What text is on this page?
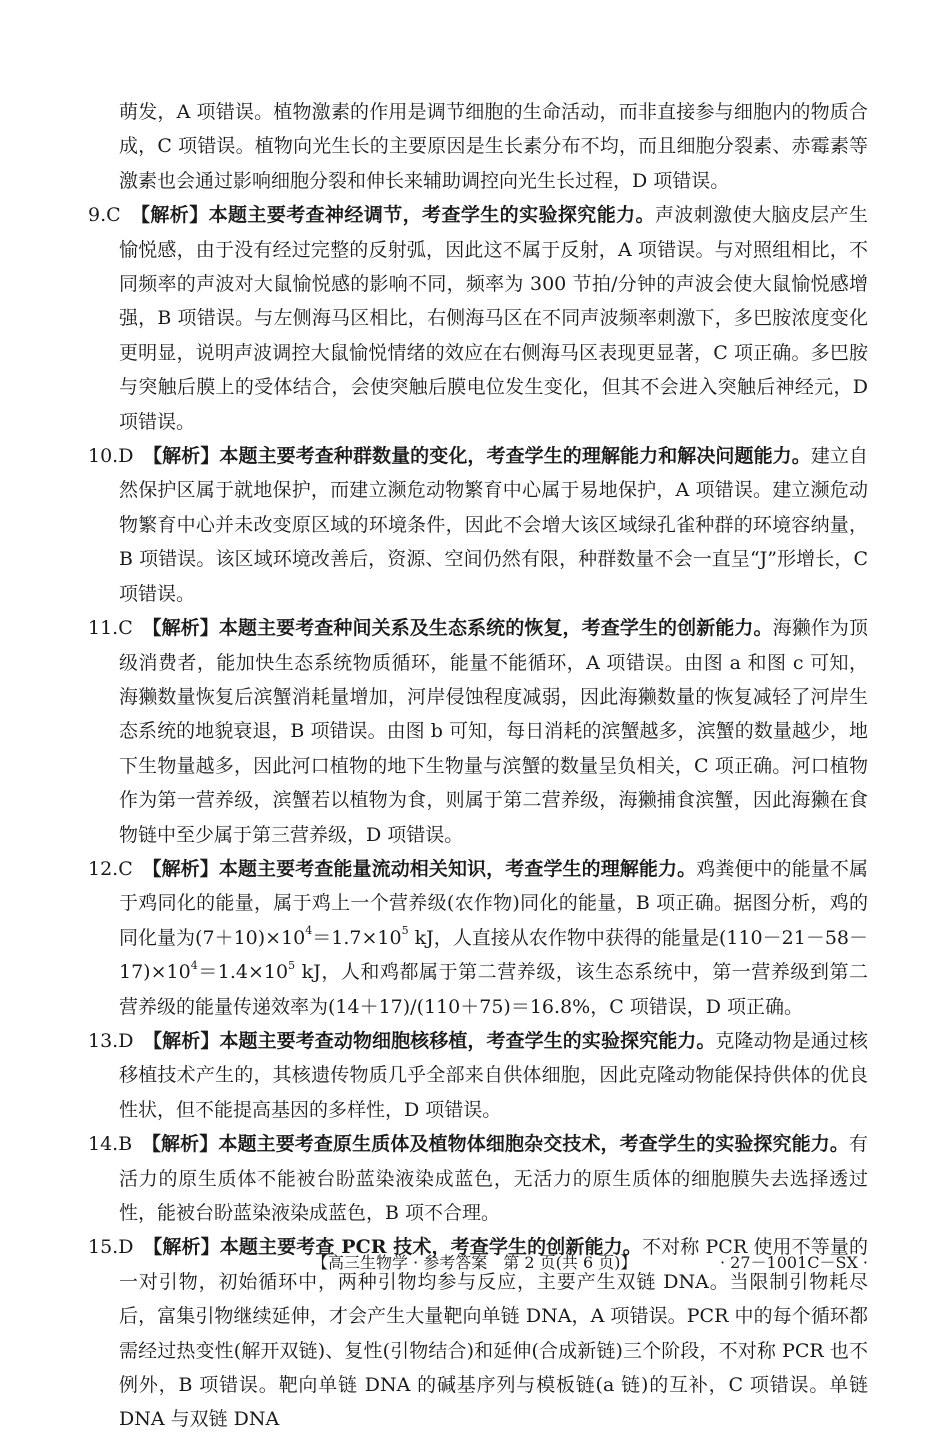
萌发，A 项错误。植物激素的作用是调节细胞的生命活动，而非直接参与细胞内的物质合成，C 项错误。植物向光生长的主要原因是生长素分布不均，而且细胞分裂素、赤霉素等激素也会通过影响细胞分裂和伸长来辅助调控向光生长过程，D 项错误。

9.C　 【解析】本题主要考查神经调节，考查学生的实验探究能力。声波刺激使大脑皮层产生愉悦感，由于没有经过完整的反射弧，因此这不属于反射，A 项错误。与对照组相比，不同频率的声波对大鼠愉悦感的影响不同，频率为 300 节拍/分钟的声波会使大鼠愉悦感增强，B 项错误。与左侧海马区相比，右侧海马区在不同声波频率刺激下，多巴胺浓度变化更明显，说明声波调控大鼠愉悦情绪的效应在右侧海马区表现更显著，C 项正确。多巴胺与突触后膜上的受体结合，会使突触后膜电位发生变化，但其不会进入突触后神经元，D 项错误。

10.D　 【解析】本题主要考查种群数量的变化，考查学生的理解能力和解决问题能力。建立自然保护区属于就地保护，而建立濒危动物繁育中心属于易地保护，A 项错误。建立濒危动物繁育中心并未改变原区域的环境条件，因此不会增大该区域绿孔雀种群的环境容纳量，B 项错误。该区域环境改善后，资源、空间仍然有限，种群数量不会一直呈“J”形增长，C 项错误。

11.C　 【解析】本题主要考查种间关系及生态系统的恢复，考查学生的创新能力。海獭作为顶级消费者，能加快生态系统物质循环，能量不能循环，A 项错误。由图 a 和图 c 可知，海獭数量恢复后滨蟹消耗量增加，河岸侵蚀程度减弱，因此海獭数量的恢复减轻了河岸生态系统的地貌衰退，B 项错误。由图 b 可知，每日消耗的滨蟹越多，滨蟹的数量越少，地下生物量越多，因此河口植物的地下生物量与滨蟹的数量呈负相关，C 项正确。河口植物作为第一营养级，滨蟹若以植物为食，则属于第二营养级，海獭捕食滨蟹，因此海獭在食物链中至少属于第三营养级，D 项错误。

12.C　 【解析】本题主要考查能量流动相关知识，考查学生的理解能力。鸡粪便中的能量不属于鸡同化的能量，属于鸡上一个营养级(农作物)同化的能量，B 项正确。据图分析，鸡的同化量为$(7+10)\times 10^4=1.7\times 10^5$ kJ，人直接从农作物中获得的能量是$(110-21-58-17)\times 10^4=1.4\times 10^5$ kJ，人和鸡都属于第二营养级，该生态系统中，第一营养级到第二营养级的能量传递效率为(14＋17)/(110＋75)＝16.8%，C 项错误，D 项正确。

13.D　 【解析】本题主要考查动物细胞核移植，考查学生的实验探究能力。克隆动物是通过核移植技术产生的，其核遗传物质几乎全部来自供体细胞，因此克隆动物能保持供体的优良性状，但不能提高基因的多样性，D 项错误。

14.B　 【解析】本题主要考查原生质体及植物体细胞杂交技术，考查学生的实验探究能力。有活力的原生质体不能被台盼蓝染液染成蓝色，无活力的原生质体的细胞膜失去选择透过性，能被台盼蓝染液染成蓝色，B 项不合理。

15.D　 【解析】本题主要考查 PCR 技术，考查学生的创新能力。不对称 PCR 使用不等量的一对引物，初始循环中，两种引物均参与反应，主要产生双链 DNA。当限制引物耗尽后，富集引物继续延伸，才会产生大量靶向单链 DNA，A 项错误。PCR 中的每个循环都需经过热变性(解开双链)、复性(引物结合)和延伸(合成新链)三个阶段，不对称 PCR 也不例外，B 项错误。靶向单链 DNA 的碱基序列与模板链(a 链)的互补，C 项错误。单链 DNA 与双链 DNA

【高三生物学 · 参考答案　第 2 页(共 6 页)】	· 27－1001C－SX ·
